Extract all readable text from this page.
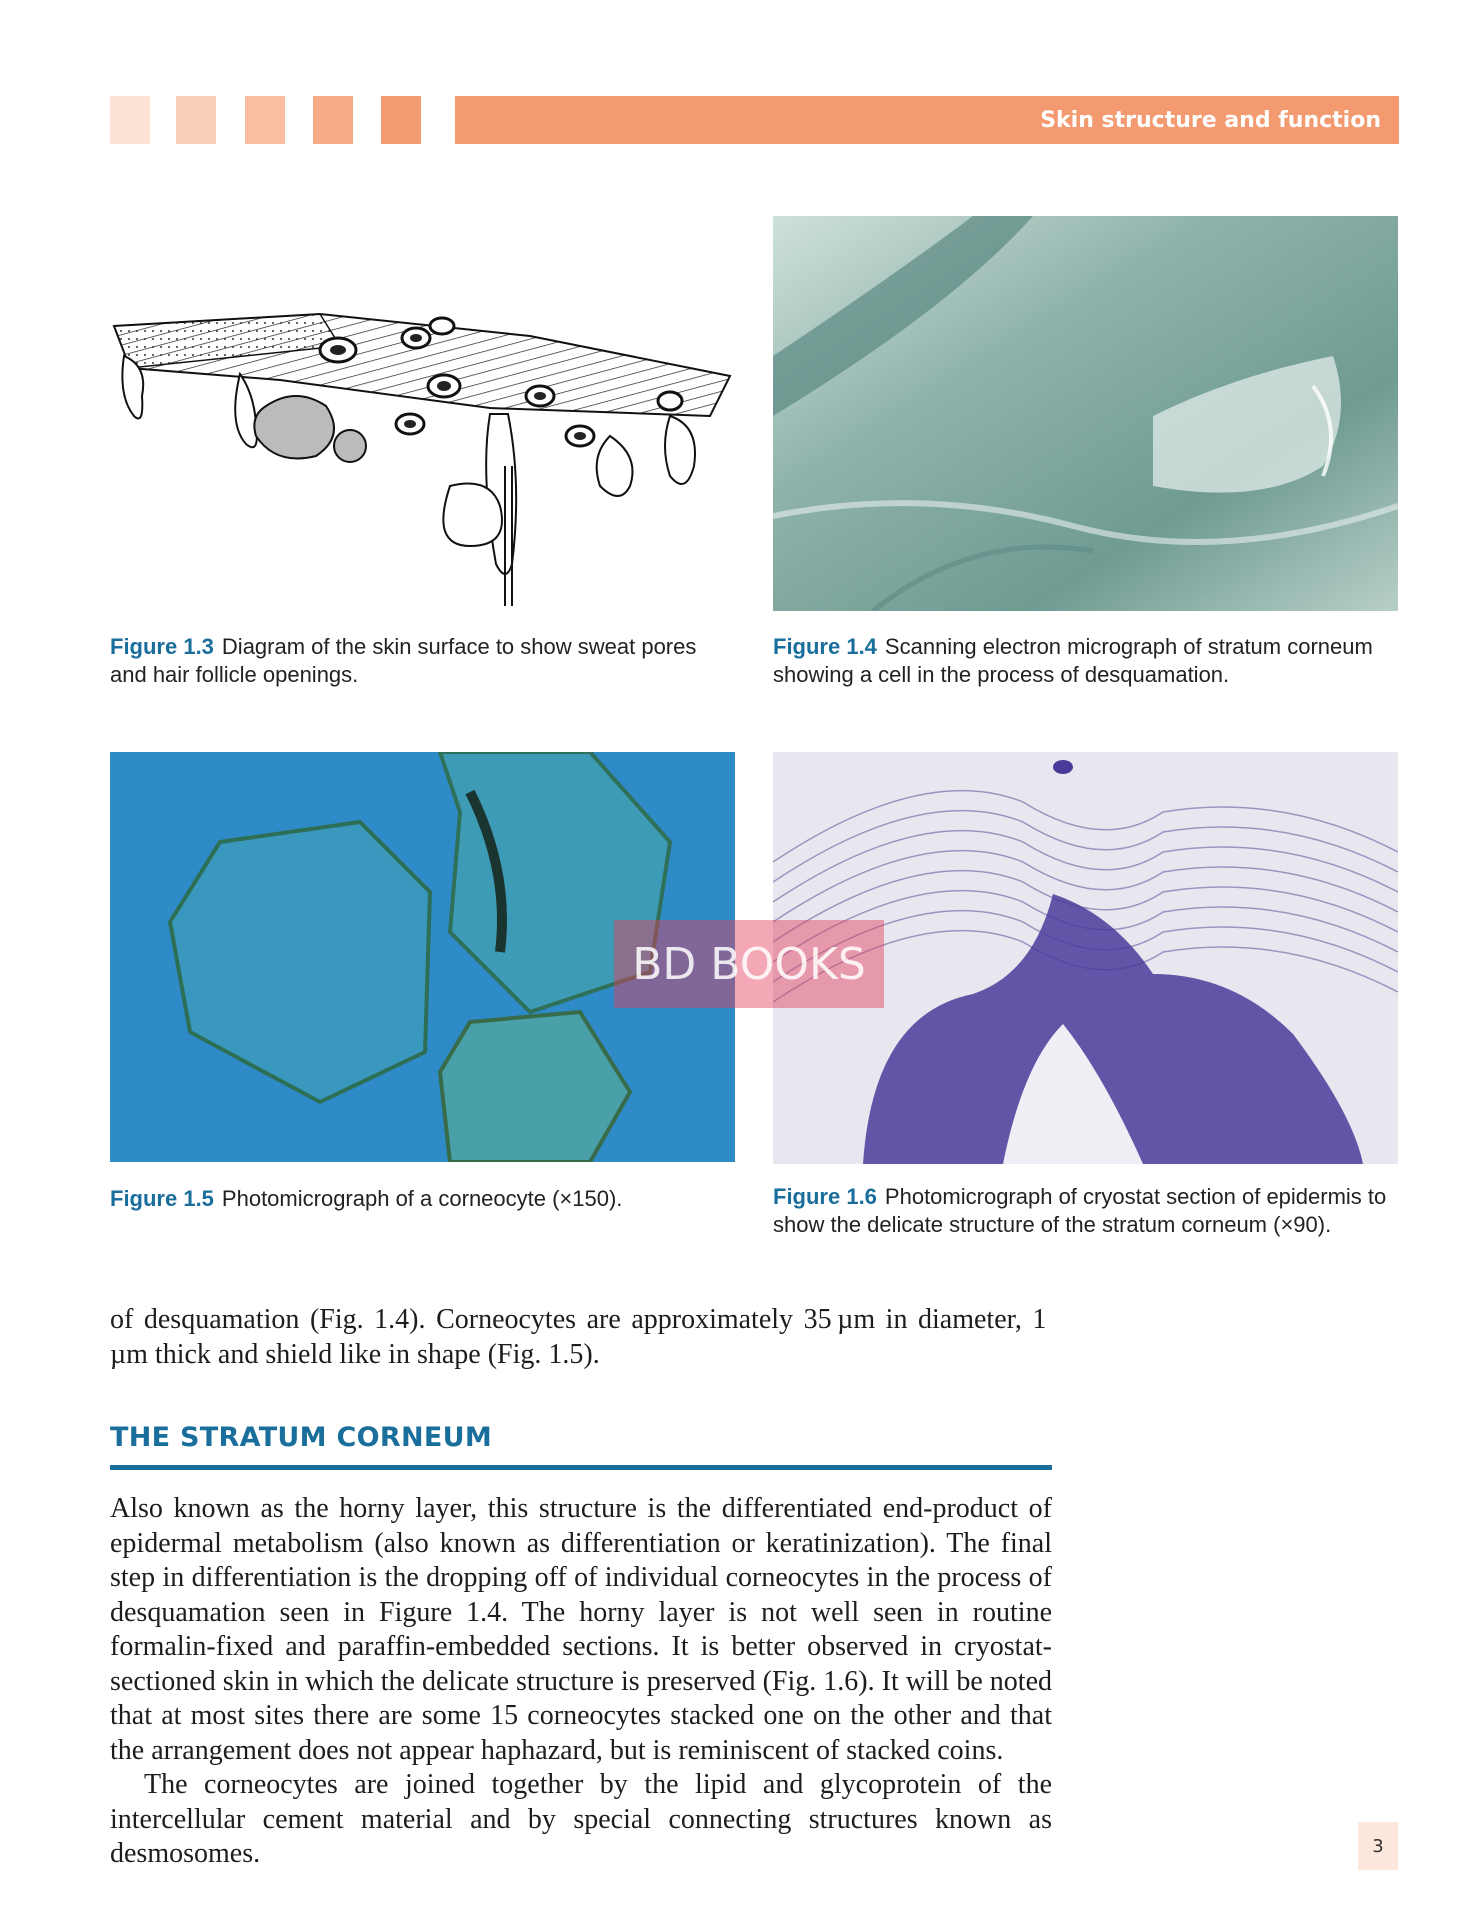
Skin structure and function
Figure 1.3 Diagram of the skin surface to show sweat pores and hair follicle openings.
Figure 1.4 Scanning electron micrograph of stratum corneum showing a cell in the process of desquamation.
Figure 1.5 Photomicrograph of a corneocyte (×150).	Figure 1.6 Photomicrograph of cryostat section of epidermis to show the delicate structure of the stratum corneum (×90).
BD BOOKS

of desquamation (Fig. 1.4). Corneocytes are approximately 35 µm in diameter, 1 µm thick and shield like in shape (Fig. 1.5).

THE STRATUM CORNEUM

Also known as the horny layer, this structure is the differentiated end-product of epidermal metabolism (also known as differentiation or keratinization). The final step in differentiation is the dropping off of individual corneocytes in the process of desquamation seen in Figure 1.4. The horny layer is not well seen in routine formalin-fixed and paraffin-embedded sections. It is better observed in cryostat-sectioned skin in which the delicate structure is preserved (Fig. 1.6). It will be noted that at most sites there are some 15 corneocytes stacked one on the other and that the arrangement does not appear haphazard, but is reminiscent of stacked coins.

The corneocytes are joined together by the lipid and glycoprotein of the intercellular cement material and by special connecting structures known as desmosomes.	3
